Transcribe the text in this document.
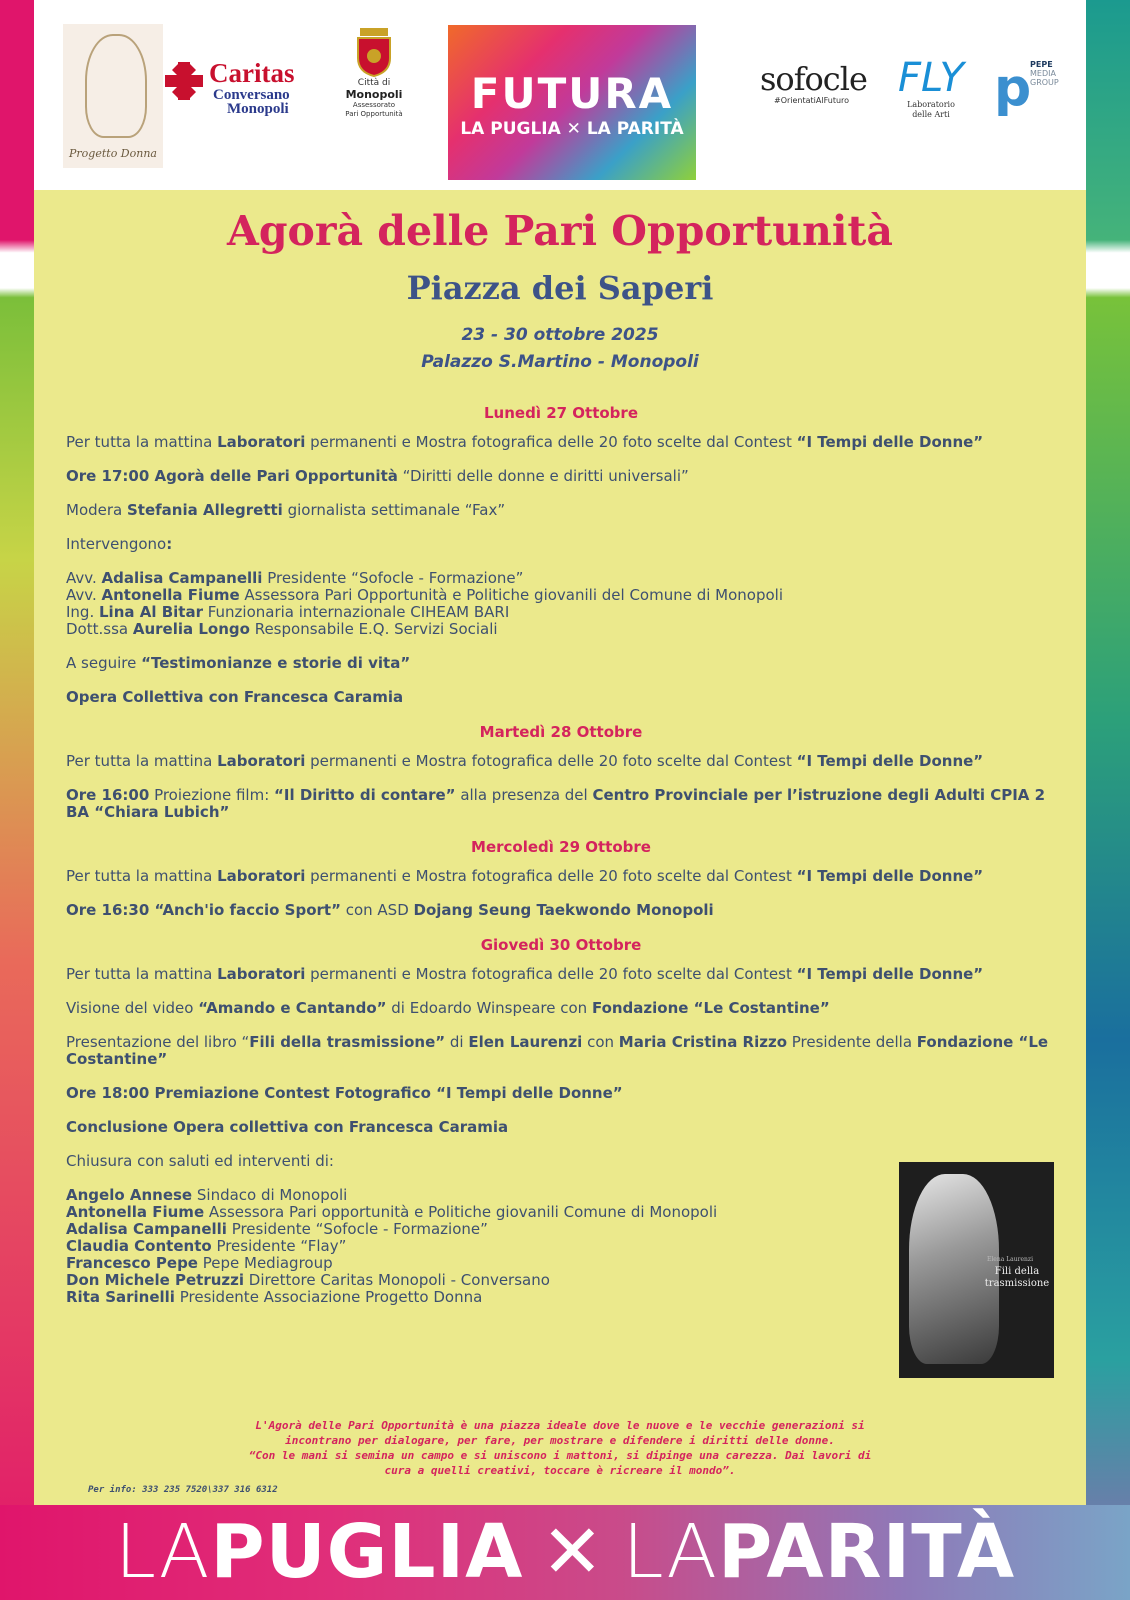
Progetto Donna
Caritas
Conversano
Monopoli
Città di
Monopoli
Assessorato
Pari Opportunità	FUTURA
LA PUGLIA ✕ LA PARITÀ
sofocle
#OrientatiAlFuturo	FLY
Laboratorio
delle Arti p
PEPE
MEDIA
GROUP
Agorà delle Pari Opportunità
Piazza dei Saperi
23 - 30 ottobre 2025
Palazzo S.Martino - Monopoli
Lunedì 27 Ottobre
Per tutta la mattina Laboratori permanenti e Mostra fotografica delle 20 foto scelte dal Contest “I Tempi delle Donne”
Ore 17:00 Agorà delle Pari Opportunità “Diritti delle donne e diritti universali”
Modera Stefania Allegretti giornalista settimanale “Fax”
Intervengono:
Avv. Adalisa Campanelli Presidente “Sofocle - Formazione”
Avv. Antonella Fiume Assessora Pari Opportunità e Politiche giovanili del Comune di Monopoli
Ing. Lina Al Bitar Funzionaria internazionale CIHEAM BARI
Dott.ssa Aurelia Longo Responsabile E.Q. Servizi Sociali
A seguire “Testimonianze e storie di vita”
Opera Collettiva con Francesca Caramia
Martedì 28 Ottobre
Per tutta la mattina Laboratori permanenti e Mostra fotografica delle 20 foto scelte dal Contest “I Tempi delle Donne”
Ore 16:00 Proiezione film: “Il Diritto di contare” alla presenza del Centro Provinciale per l’istruzione degli Adulti CPIA 2 BA “Chiara Lubich”
Mercoledì 29 Ottobre
Per tutta la mattina Laboratori permanenti e Mostra fotografica delle 20 foto scelte dal Contest “I Tempi delle Donne”
Ore 16:30 “Anch'io faccio Sport” con ASD Dojang Seung Taekwondo Monopoli
Giovedì 30 Ottobre
Per tutta la mattina Laboratori permanenti e Mostra fotografica delle 20 foto scelte dal Contest “I Tempi delle Donne”
Visione del video “Amando e Cantando” di Edoardo Winspeare con Fondazione “Le Costantine”
Presentazione del libro “Fili della trasmissione” di Elen Laurenzi con Maria Cristina Rizzo Presidente della Fondazione “Le Costantine”
Ore 18:00 Premiazione Contest Fotografico “I Tempi delle Donne”
Conclusione Opera collettiva con Francesca Caramia
Chiusura con saluti ed interventi di:
Angelo Annese Sindaco di Monopoli
Antonella Fiume Assessora Pari opportunità e Politiche giovanili Comune di Monopoli
Adalisa Campanelli Presidente “Sofocle - Formazione”
Claudia Contento Presidente “Flay”
Francesco Pepe Pepe Mediagroup
Don Michele Petruzzi Direttore Caritas Monopoli - Conversano
Rita Sarinelli Presidente Associazione Progetto Donna
Elena Laurenzi
Fili della trasmissione
L'Agorà delle Pari Opportunità è una piazza ideale dove le nuove e le vecchie generazioni si
incontrano per dialogare, per fare, per mostrare e difendere i diritti delle donne.
“Con le mani si semina un campo e si uniscono i mattoni, si dipinge una carezza. Dai lavori di
cura a quelli creativi, toccare è ricreare il mondo”.
Per info: 333 235 7520\337 316 6312
LAPUGLIA ✕ LAPARITÀ
